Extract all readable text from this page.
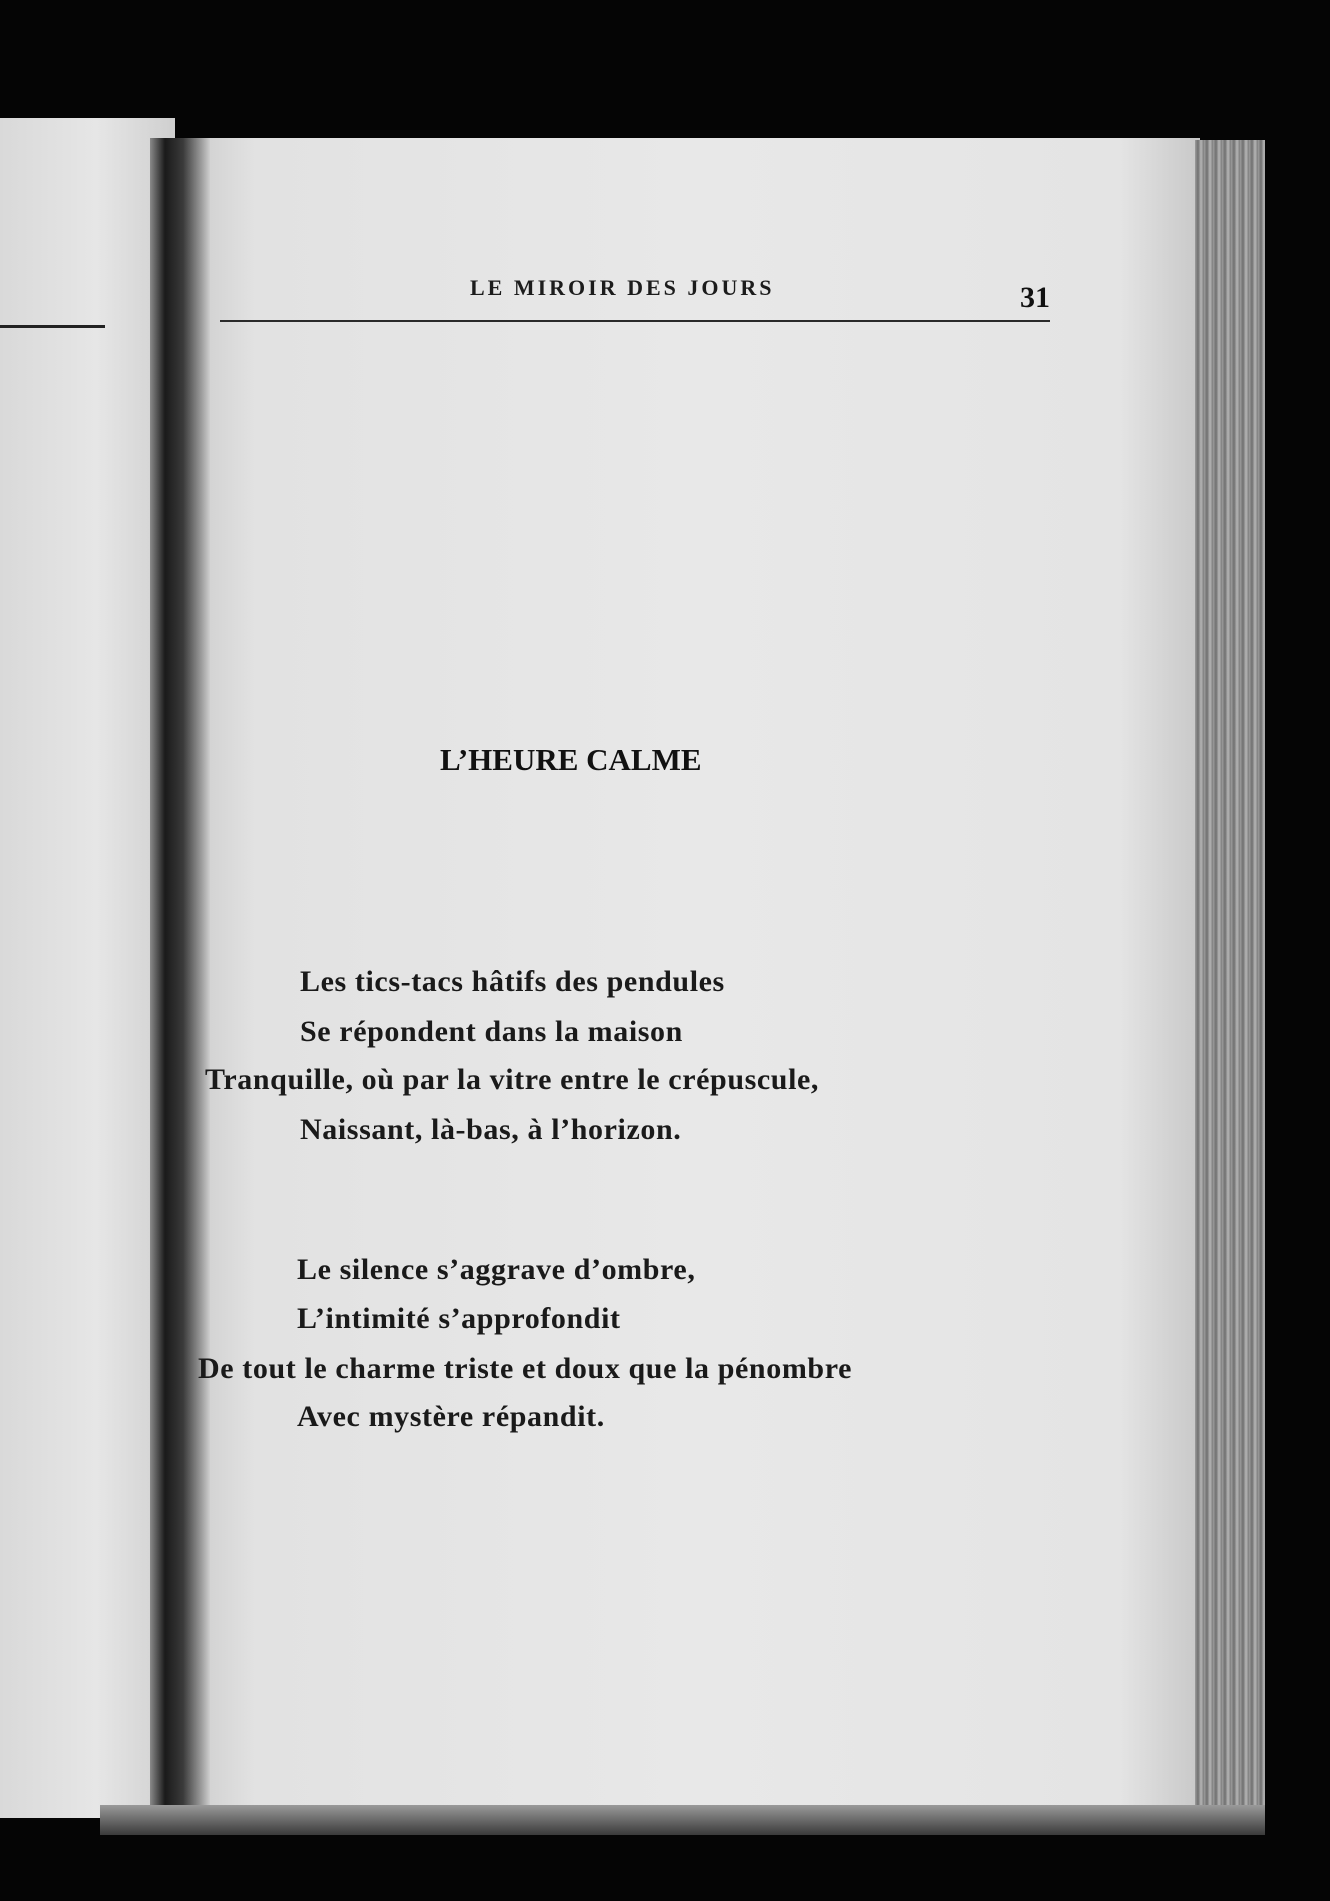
LE MIROIR DES JOURS	31
L’HEURE CALME
Les tics-tacs hâtifs des pendules
Se répondent dans la maison
Tranquille, où par la vitre entre le crépuscule,
Naissant, là-bas, à l’horizon.
Le silence s’aggrave d’ombre,
L’intimité s’approfondit
De tout le charme triste et doux que la pénombre
Avec mystère répandit.
